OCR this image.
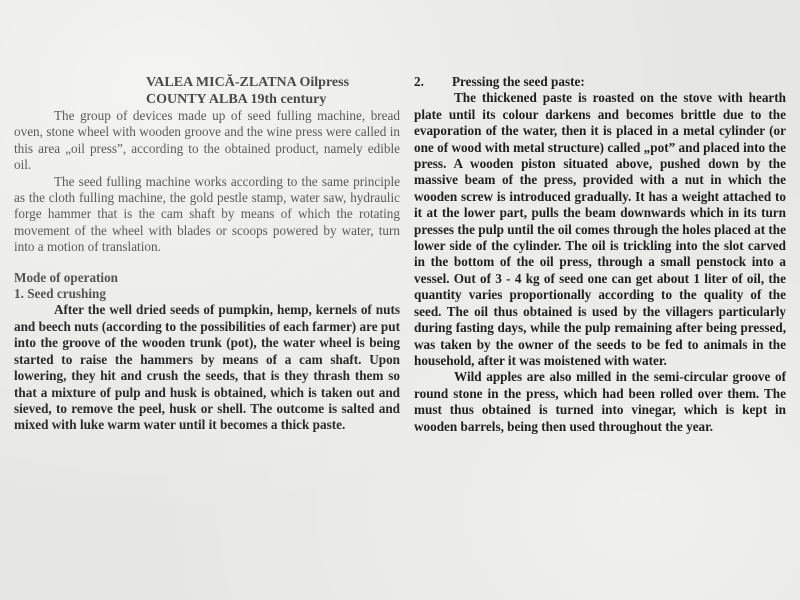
VALEA MICĂ-ZLATNA Oilpress
COUNTY ALBA 19th century

The group of devices made up of seed fulling machine, bread oven, stone wheel with wooden groove and the wine press were called in this area „oil press”, according to the obtained product, namely edible oil.

The seed fulling machine works according to the same principle as the cloth fulling machine, the gold pestle stamp, water saw, hydraulic forge hammer that is the cam shaft by means of which the rotating movement of the wheel with blades or scoops powered by water, turn into a motion of translation.

Mode of operation

1. Seed crushing

After the well dried seeds of pumpkin, hemp, kernels of nuts and beech nuts (according to the possibilities of each farmer) are put into the groove of the wooden trunk (pot), the water wheel is being started to raise the hammers by means of a cam shaft. Upon lowering, they hit and crush the seeds, that is they thrash them so that a mixture of pulp and husk is obtained, which is taken out and sieved, to remove the peel, husk or shell. The outcome is salted and mixed with luke warm water until it becomes a thick paste.

2. Pressing the seed paste:

The thickened paste is roasted on the stove with hearth plate until its colour darkens and becomes brittle due to the evaporation of the water, then it is placed in a metal cylinder (or one of wood with metal structure) called „pot” and placed into the press. A wooden piston situated above, pushed down by the massive beam of the press, provided with a nut in which the wooden screw is introduced gradually. It has a weight attached to it at the lower part, pulls the beam downwards which in its turn presses the pulp until the oil comes through the holes placed at the lower side of the cylinder. The oil is trickling into the slot carved in the bottom of the oil press, through a small penstock into a vessel. Out of 3 - 4 kg of seed one can get about 1 liter of oil, the quantity varies proportionally according to the quality of the seed. The oil thus obtained is used by the villagers particularly during fasting days, while the pulp remaining after being pressed, was taken by the owner of the seeds to be fed to animals in the household, after it was moistened with water.

Wild apples are also milled in the semi-circular groove of round stone in the press, which had been rolled over them. The must thus obtained is turned into vinegar, which is kept in wooden barrels, being then used throughout the year.
